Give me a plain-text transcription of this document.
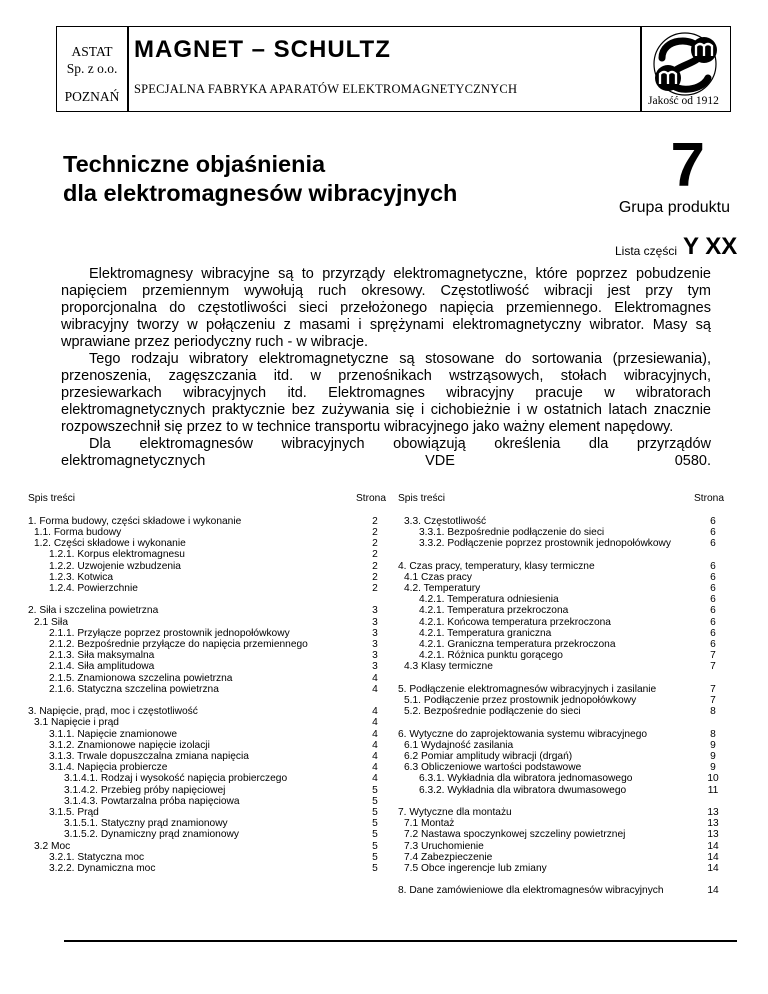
ASTAT
Sp. z o.o.
POZNAŃ
MAGNET – SCHULTZ
SPECJALNA FABRYKA APARATÓW ELEKTROMAGNETYCZNYCH
Jakość od 1912
Techniczne objaśnienia
dla elektromagnesów wibracyjnych	7
Grupa produktu
Lista części Y XX

Elektromagnesy wibracyjne są to przyrządy elektromagnetyczne, które poprzez pobudzenie napięciem przemiennym wywołują ruch okresowy. Częstotliwość wibracji jest przy tym proporcjonalna do częstotliwości sieci przełożonego napięcia przemiennego. Elektromagnes wibracyjny tworzy w połączeniu z masami i sprężynami elektromagnetyczny wibrator. Masy są wprawiane przez periodyczny ruch - w wibracje.

Tego rodzaju wibratory elektromagnetyczne są stosowane do sortowania (przesiewania), przenoszenia, zagęszczania itd. w przenośnikach wstrząsowych, stołach wibracyjnych, przesiewarkach wibracyjnych itd. Elektromagnes wibracyjny pracuje w wibratorach elektromagnetycznych praktycznie bez zużywania się i cichobieżnie i w ostatnich latach znacznie rozpowszechnił się przez to w technice transportu wibracyjnego jako ważny element napędowy.

Dla elektromagnesów wibracyjnych obowiązują określenia dla przyrządów elektromagnetycznych VDE 0580.

Spis treści	Strona
1. Forma budowy, części składowe i wykonanie	2
1.1. Forma budowy	2
1.2. Części składowe i wykonanie	2
1.2.1. Korpus elektromagnesu	2
1.2.2. Uzwojenie wzbudzenia	2
1.2.3. Kotwica	2
1.2.4. Powierzchnie	2
2. Siła i szczelina powietrzna	3
2.1 Siła	3
2.1.1. Przyłącze poprzez prostownik jednopołówkowy	3
2.1.2. Bezpośrednie przyłącze do napięcia przemiennego	3
2.1.3. Siła maksymalna	3
2.1.4. Siła amplitudowa	3
2.1.5. Znamionowa szczelina powietrzna	4
2.1.6. Statyczna szczelina powietrzna	4
3. Napięcie, prąd, moc i częstotliwość	4
3.1 Napięcie i prąd	4
3.1.1. Napięcie znamionowe	4
3.1.2. Znamionowe napięcie izolacji	4
3.1.3. Trwale dopuszczalna zmiana napięcia	4
3.1.4. Napięcia probiercze	4
3.1.4.1. Rodzaj i wysokość napięcia probierczego	4
3.1.4.2. Przebieg próby napięciowej	5
3.1.4.3. Powtarzalna próba napięciowa	5
3.1.5. Prąd	5
3.1.5.1. Statyczny prąd znamionowy	5
3.1.5.2. Dynamiczny prąd znamionowy	5
3.2 Moc	5
3.2.1. Statyczna moc	5
3.2.2. Dynamiczna moc	5
Spis treści	Strona
3.3. Częstotliwość	6
3.3.1. Bezpośrednie podłączenie do sieci	6
3.3.2. Podłączenie poprzez prostownik jednopołówkowy	6
4. Czas pracy, temperatury, klasy termiczne	6
4.1 Czas pracy	6
4.2. Temperatury	6
4.2.1. Temperatura odniesienia	6
4.2.1. Temperatura przekroczona	6
4.2.1. Końcowa temperatura przekroczona	6
4.2.1. Temperatura graniczna	6
4.2.1. Graniczna temperatura przekroczona	6
4.2.1. Różnica punktu gorącego	7
4.3 Klasy termiczne	7
5. Podłączenie elektromagnesów wibracyjnych i zasilanie	7
5.1. Podłączenie przez prostownik jednopołówkowy	7
5.2. Bezpośrednie podłączenie do sieci	8
6. Wytyczne do zaprojektowania systemu wibracyjnego	8
6.1 Wydajność zasilania	9
6.2 Pomiar amplitudy wibracji (drgań)	9
6.3 Obliczeniowe wartości podstawowe	9
6.3.1. Wykładnia dla wibratora jednomasowego	10
6.3.2. Wykładnia dla wibratora dwumasowego	11
7. Wytyczne dla montażu	13
7.1 Montaż	13
7.2 Nastawa spoczynkowej szczeliny powietrznej	13
7.3 Uruchomienie	14
7.4 Zabezpieczenie	14
7.5 Obce ingerencje lub zmiany	14
8. Dane zamówieniowe dla elektromagnesów wibracyjnych	14
